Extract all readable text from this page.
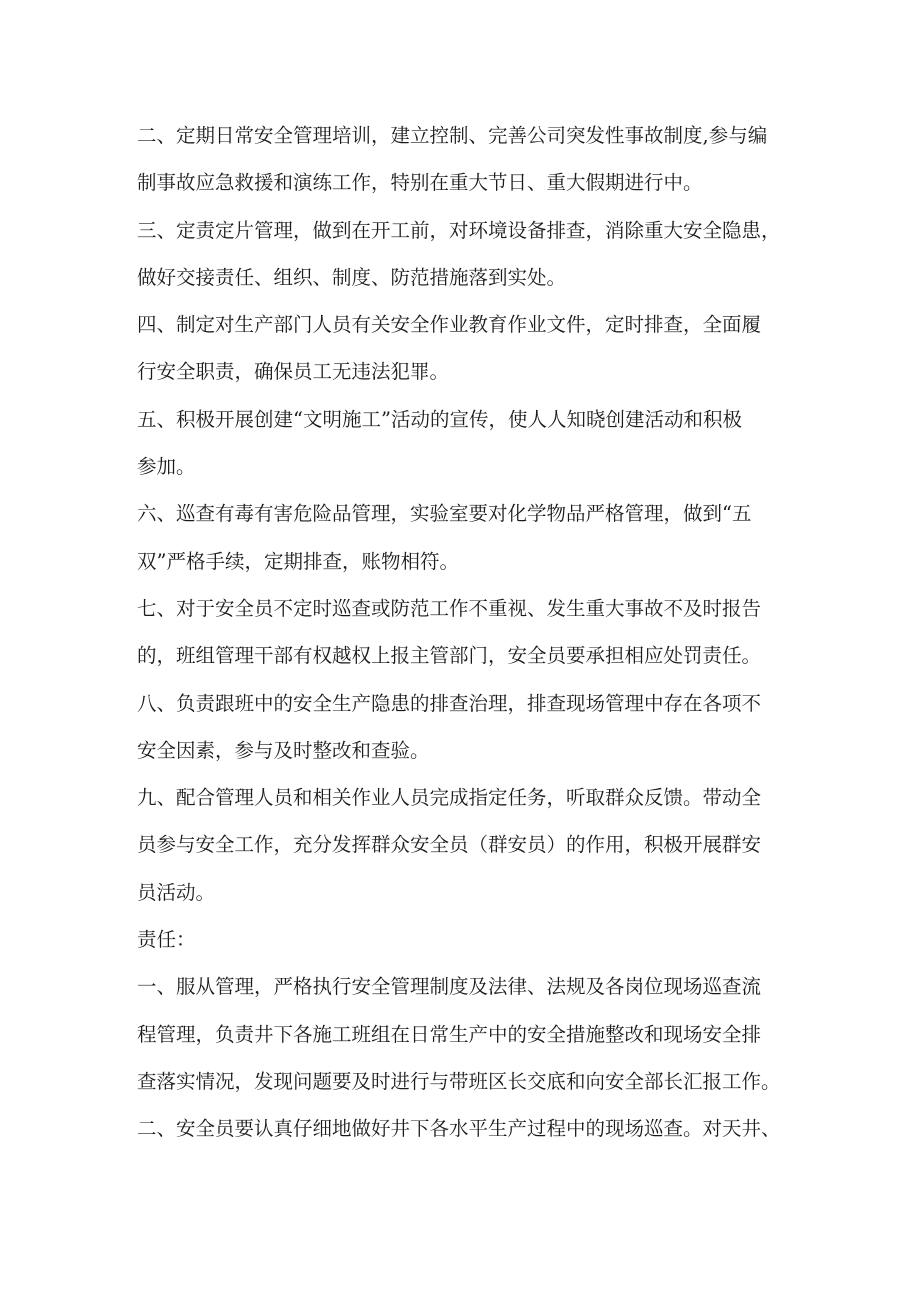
二、定期日常安全管理培训，建立控制、完善公司突发性事故制度,参与编
制事故应急救援和演练工作，特别在重大节日、重大假期进行中。
三、定责定片管理，做到在开工前，对环境设备排查，消除重大安全隐患，
做好交接责任、组织、制度、防范措施落到实处。
四、制定对生产部门人员有关安全作业教育作业文件，定时排查，全面履
行安全职责，确保员工无违法犯罪。
五、积极开展创建“文明施工”活动的宣传，使人人知晓创建活动和积极
参加。
六、巡查有毒有害危险品管理，实验室要对化学物品严格管理，做到“五
双”严格手续，定期排查，账物相符。
七、对于安全员不定时巡查或防范工作不重视、发生重大事故不及时报告
的，班组管理干部有权越权上报主管部门，安全员要承担相应处罚责任。
八、负责跟班中的安全生产隐患的排查治理，排查现场管理中存在各项不
安全因素，参与及时整改和查验。
九、配合管理人员和相关作业人员完成指定任务，听取群众反馈。带动全
员参与安全工作，充分发挥群众安全员（群安员）的作用，积极开展群安
员活动。
责任：
一、服从管理，严格执行安全管理制度及法律、法规及各岗位现场巡查流
程管理，负责井下各施工班组在日常生产中的安全措施整改和现场安全排
查落实情况，发现问题要及时进行与带班区长交底和向安全部长汇报工作。
二、安全员要认真仔细地做好井下各水平生产过程中的现场巡查。对天井、
